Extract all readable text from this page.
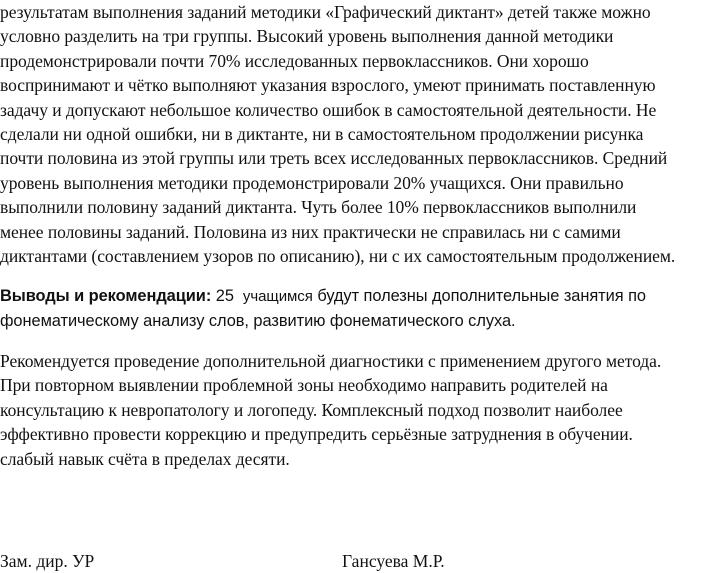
результатам выполнения заданий методики «Графический диктант» детей также можно
условно разделить на три группы. Высокий уровень выполнения данной методики
продемонстрировали почти 70% исследованных первоклассников. Они хорошо
воспринимают и чётко выполняют указания взрослого, умеют принимать поставленную
задачу и допускают небольшое количество ошибок в самостоятельной деятельности. Не
сделали ни одной ошибки, ни в диктанте, ни в самостоятельном продолжении рисунка
почти половина из этой группы или треть всех исследованных первоклассников. Средний
уровень выполнения методики продемонстрировали 20% учащихся. Они правильно
выполнили половину заданий диктанта. Чуть более 10% первоклассников выполнили
менее половины заданий. Половина из них практически не справилась ни с самими
диктантами (составлением узоров по описанию), ни с их самостоятельным продолжением.
Выводы и рекомендации: 25 учащимся будут полезны дополнительные занятия по
фонематическому анализу слов, развитию фонематического слуха.
Рекомендуется проведение дополнительной диагностики с применением другого метода.
При повторном выявлении проблемной зоны необходимо направить родителей на
консультацию к невропатологу и логопеду. Комплексный подход позволит наиболее
эффективно провести коррекцию и предупредить серьёзные затруднения в обучении.
слабый навык счёта в пределах десяти.
Зам. дир. УР	Гансуева М.Р.
